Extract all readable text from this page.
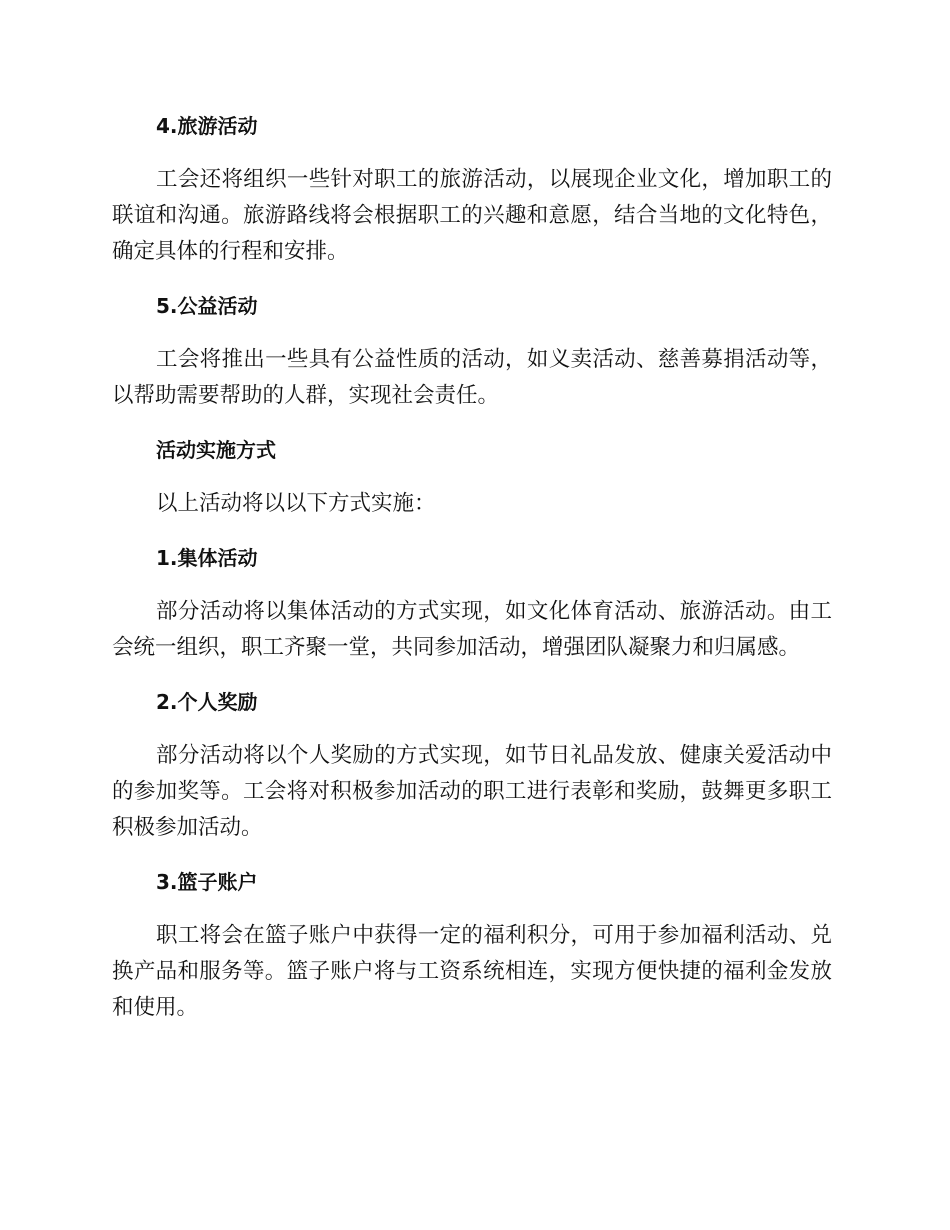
4.旅游活动
工会还将组织一些针对职工的旅游活动，以展现企业文化，增加职工的
联谊和沟通。旅游路线将会根据职工的兴趣和意愿，结合当地的文化特色，
确定具体的行程和安排。
5.公益活动
工会将推出一些具有公益性质的活动，如义卖活动、慈善募捐活动等，
以帮助需要帮助的人群，实现社会责任。
活动实施方式
以上活动将以以下方式实施：
1.集体活动
部分活动将以集体活动的方式实现，如文化体育活动、旅游活动。由工
会统一组织，职工齐聚一堂，共同参加活动，增强团队凝聚力和归属感。
2.个人奖励
部分活动将以个人奖励的方式实现，如节日礼品发放、健康关爱活动中
的参加奖等。工会将对积极参加活动的职工进行表彰和奖励，鼓舞更多职工
积极参加活动。
3.篮子账户
职工将会在篮子账户中获得一定的福利积分，可用于参加福利活动、兑
换产品和服务等。篮子账户将与工资系统相连，实现方便快捷的福利金发放
和使用。
